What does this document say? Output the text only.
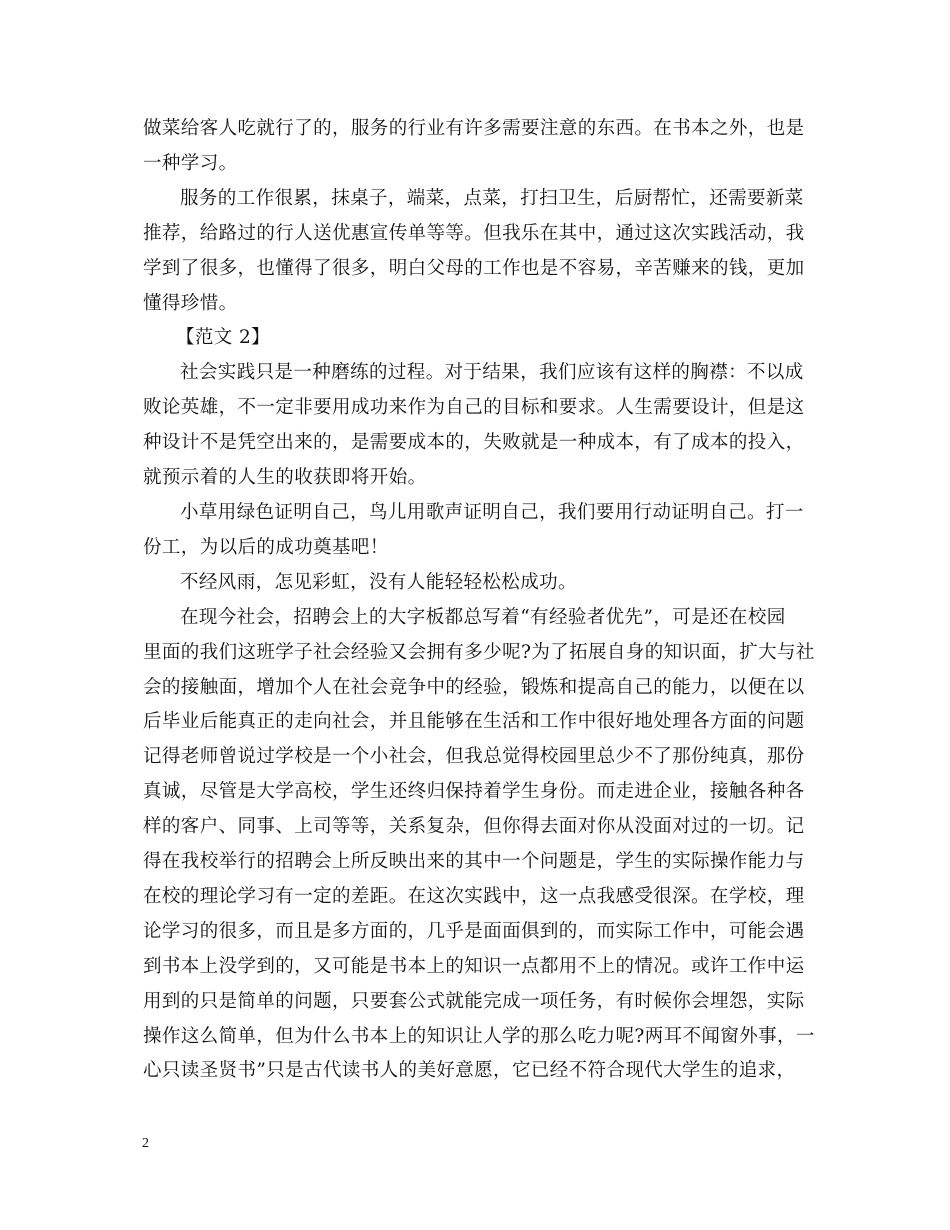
做菜给客人吃就行了的，服务的行业有许多需要注意的东西。在书本之外，也是
一种学习。

服务的工作很累，抹桌子，端菜，点菜，打扫卫生，后厨帮忙，还需要新菜
推荐，给路过的行人送优惠宣传单等等。但我乐在其中，通过这次实践活动，我
学到了很多，也懂得了很多，明白父母的工作也是不容易，辛苦赚来的钱，更加
懂得珍惜。

【范文 2】

社会实践只是一种磨练的过程。对于结果，我们应该有这样的胸襟：不以成
败论英雄，不一定非要用成功来作为自己的目标和要求。人生需要设计，但是这
种设计不是凭空出来的，是需要成本的，失败就是一种成本，有了成本的投入，
就预示着的人生的收获即将开始。

小草用绿色证明自己，鸟儿用歌声证明自己，我们要用行动证明自己。打一
份工，为以后的成功奠基吧！

不经风雨，怎见彩虹，没有人能轻轻松松成功。

在现今社会，招聘会上的大字板都总写着“有经验者优先”，可是还在校园
里面的我们这班学子社会经验又会拥有多少呢?为了拓展自身的知识面，扩大与社
会的接触面，增加个人在社会竞争中的经验，锻炼和提高自己的能力，以便在以
后毕业后能真正的走向社会，并且能够在生活和工作中很好地处理各方面的问题
记得老师曾说过学校是一个小社会，但我总觉得校园里总少不了那份纯真，那份
真诚，尽管是大学高校，学生还终归保持着学生身份。而走进企业，接触各种各
样的客户、同事、上司等等，关系复杂，但你得去面对你从没面对过的一切。记
得在我校举行的招聘会上所反映出来的其中一个问题是，学生的实际操作能力与
在校的理论学习有一定的差距。在这次实践中，这一点我感受很深。在学校，理
论学习的很多，而且是多方面的，几乎是面面俱到的，而实际工作中，可能会遇
到书本上没学到的，又可能是书本上的知识一点都用不上的情况。或许工作中运
用到的只是简单的问题，只要套公式就能完成一项任务，有时候你会埋怨，实际
操作这么简单，但为什么书本上的知识让人学的那么吃力呢?两耳不闻窗外事，一
心只读圣贤书”只是古代读书人的美好意愿，它已经不符合现代大学生的追求，

2
